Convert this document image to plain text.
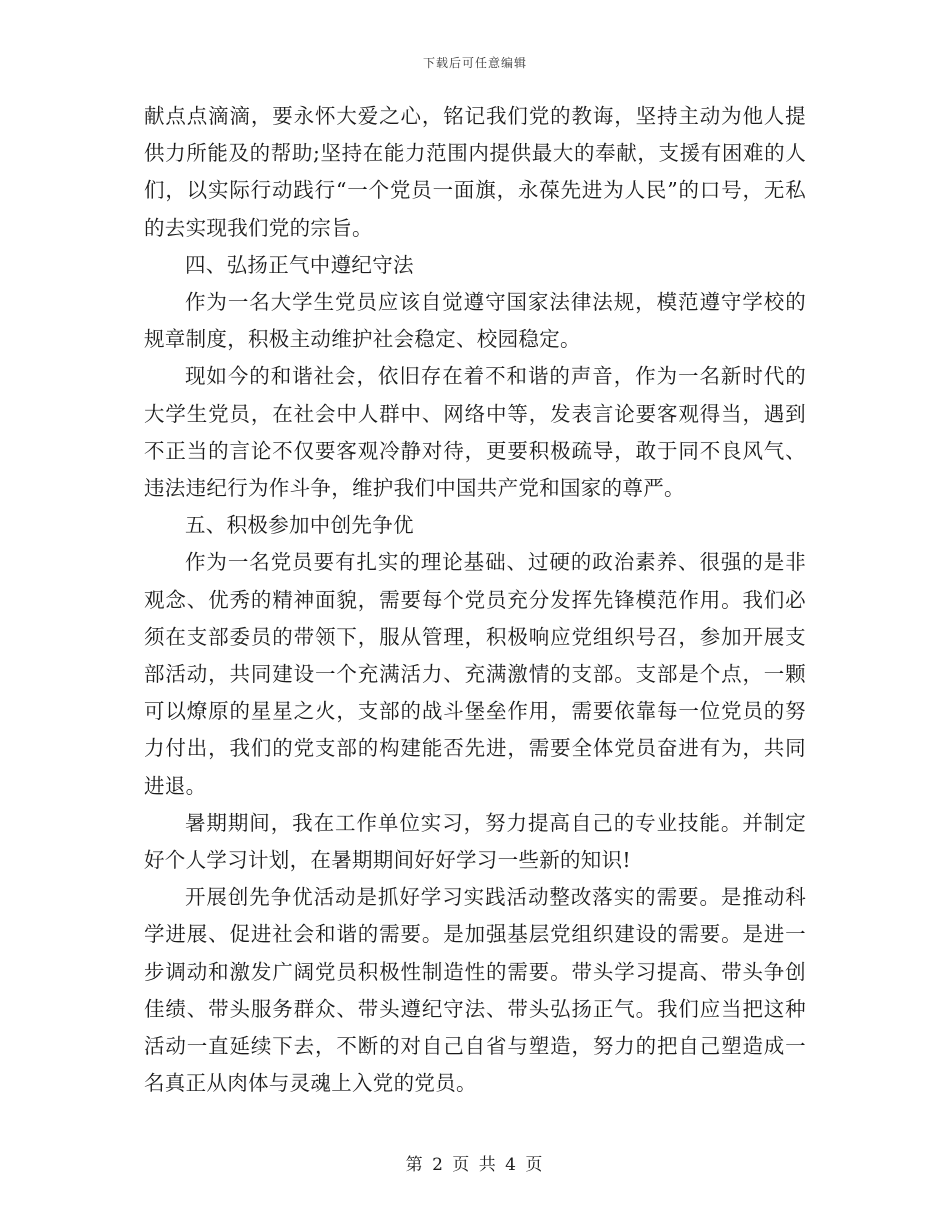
下载后可任意编辑

献点点滴滴，要永怀大爱之心，铭记我们党的教诲，坚持主动为他人提供力所能及的帮助;坚持在能力范围内提供最大的奉献，支援有困难的人们，以实际行动践行“一个党员一面旗，永葆先进为人民”的口号，无私的去实现我们党的宗旨。

四、弘扬正气中遵纪守法

作为一名大学生党员应该自觉遵守国家法律法规，模范遵守学校的规章制度，积极主动维护社会稳定、校园稳定。

现如今的和谐社会，依旧存在着不和谐的声音，作为一名新时代的大学生党员，在社会中人群中、网络中等，发表言论要客观得当，遇到不正当的言论不仅要客观冷静对待，更要积极疏导，敢于同不良风气、违法违纪行为作斗争，维护我们中国共产党和国家的尊严。

五、积极参加中创先争优

作为一名党员要有扎实的理论基础、过硬的政治素养、很强的是非观念、优秀的精神面貌，需要每个党员充分发挥先锋模范作用。我们必须在支部委员的带领下，服从管理，积极响应党组织号召，参加开展支部活动，共同建设一个充满活力、充满激情的支部。支部是个点，一颗可以燎原的星星之火，支部的战斗堡垒作用，需要依靠每一位党员的努力付出，我们的党支部的构建能否先进，需要全体党员奋进有为，共同进退。

暑期期间，我在工作单位实习，努力提高自己的专业技能。并制定好个人学习计划，在暑期期间好好学习一些新的知识!

开展创先争优活动是抓好学习实践活动整改落实的需要。是推动科学进展、促进社会和谐的需要。是加强基层党组织建设的需要。是进一步调动和激发广阔党员积极性制造性的需要。带头学习提高、带头争创佳绩、带头服务群众、带头遵纪守法、带头弘扬正气。我们应当把这种活动一直延续下去，不断的对自己自省与塑造，努力的把自己塑造成一名真正从肉体与灵魂上入党的党员。

第 2 页 共 4 页
